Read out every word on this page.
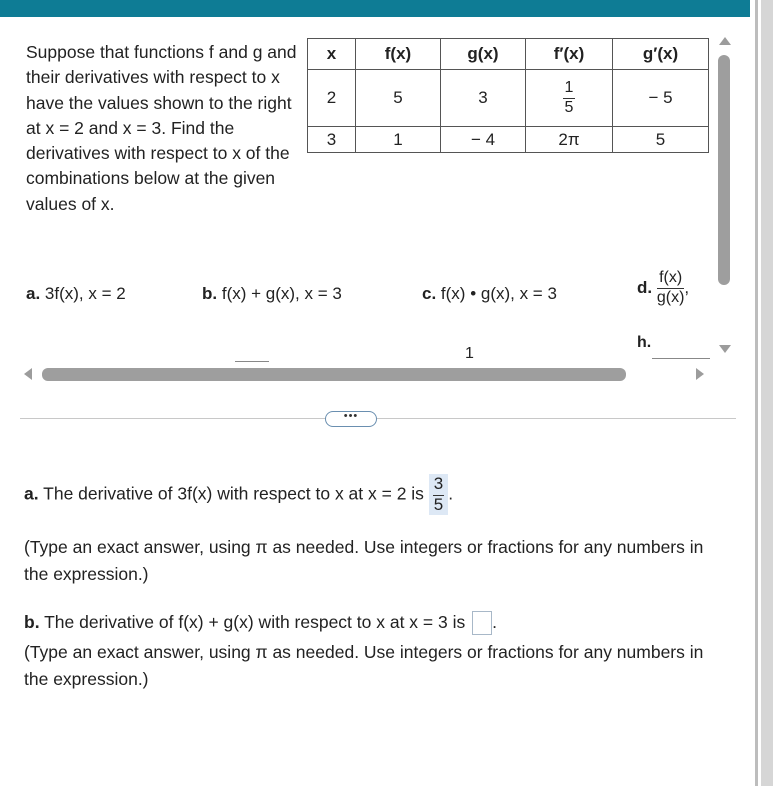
Suppose that functions f and g and their derivatives with respect to x have the values shown to the right at x = 2 and x = 3. Find the derivatives with respect to x of the combinations below at the given values of x.
x	f(x)	g(x)	f′(x)	g′(x)
2	5	3	$\frac{1}{5}$	− 5
3	1	− 4	2π	5
a. 3f(x), x = 2	b. f(x) + g(x), x = 3	c. f(x) • g(x), x = 3	d. $\frac{f(x)}{g(x)}$ ,
1
h.
•••
a. The derivative of 3f(x) with respect to x at x = 2 is $\frac{3}{5}$ .
(Type an exact answer, using π as needed. Use integers or fractions for any numbers in the expression.)
b. The derivative of f(x) + g(x) with respect to x at x = 3 is .
(Type an exact answer, using π as needed. Use integers or fractions for any numbers in the expression.)
